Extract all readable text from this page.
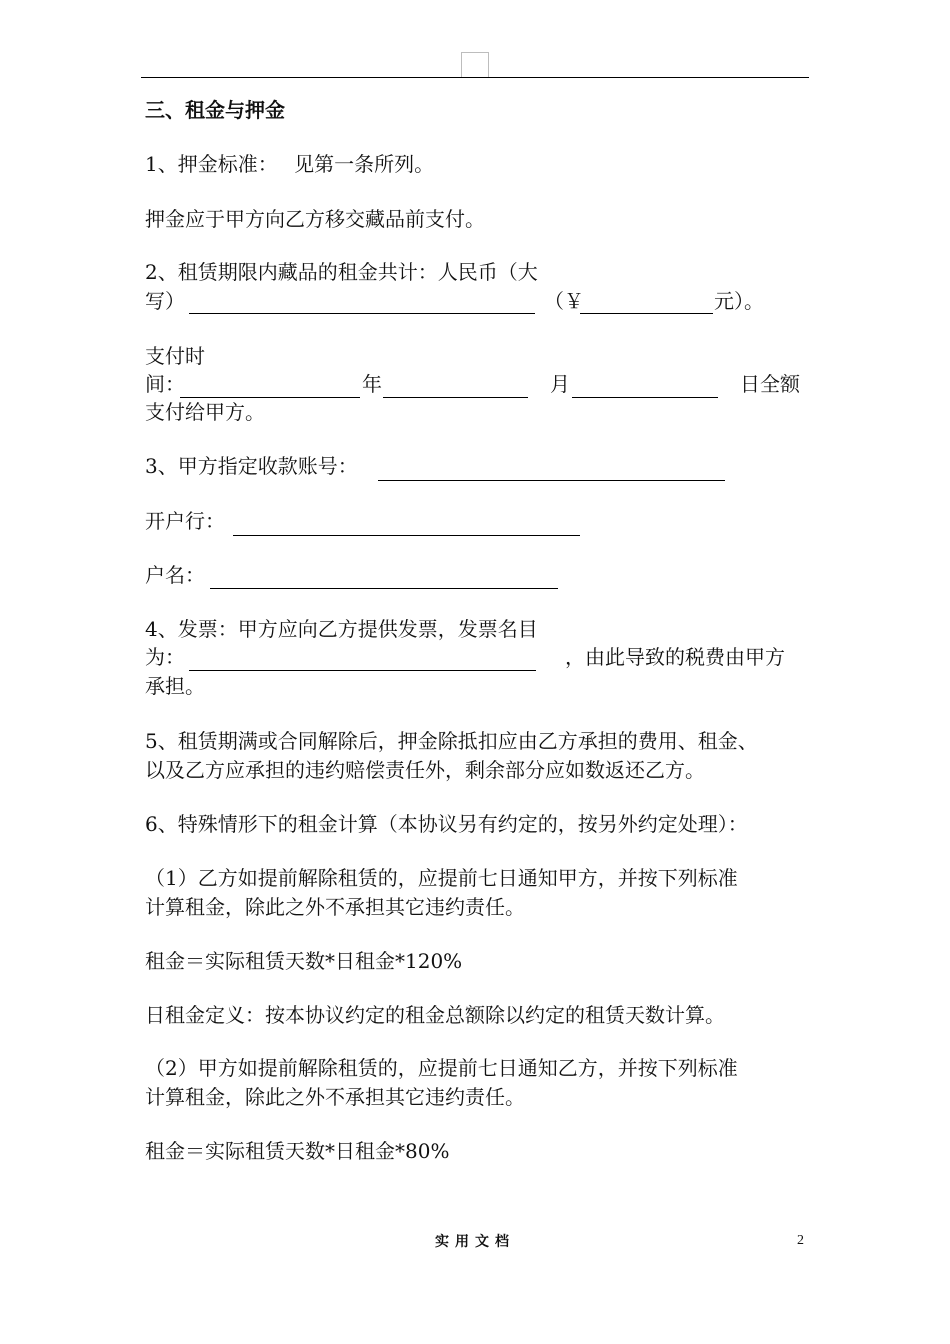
三、租金与押金
1、押金标准：　 见第一条所列。
押金应于甲方向乙方移交藏品前支付。
2、租赁期限内藏品的租金共计：人民币（大
写）	（￥	元）。
支付时
间：	年	月	日全额
支付给甲方。
3、甲方指定收款账号：
开户行：
户名：
4、发票：甲方应向乙方提供发票，发票名目
为：	，由此导致的税费由甲方
承担。
5、租赁期满或合同解除后，押金除抵扣应由乙方承担的费用、租金、
以及乙方应承担的违约赔偿责任外，剩余部分应如数返还乙方。
6、特殊情形下的租金计算（本协议另有约定的，按另外约定处理）：
（1）乙方如提前解除租赁的，应提前七日通知甲方，并按下列标准
计算租金，除此之外不承担其它违约责任。
租金＝实际租赁天数*日租金*120%
日租金定义：按本协议约定的租金总额除以约定的租赁天数计算。
（2）甲方如提前解除租赁的，应提前七日通知乙方，并按下列标准
计算租金，除此之外不承担其它违约责任。
租金＝实际租赁天数*日租金*80%
实用文档	2
